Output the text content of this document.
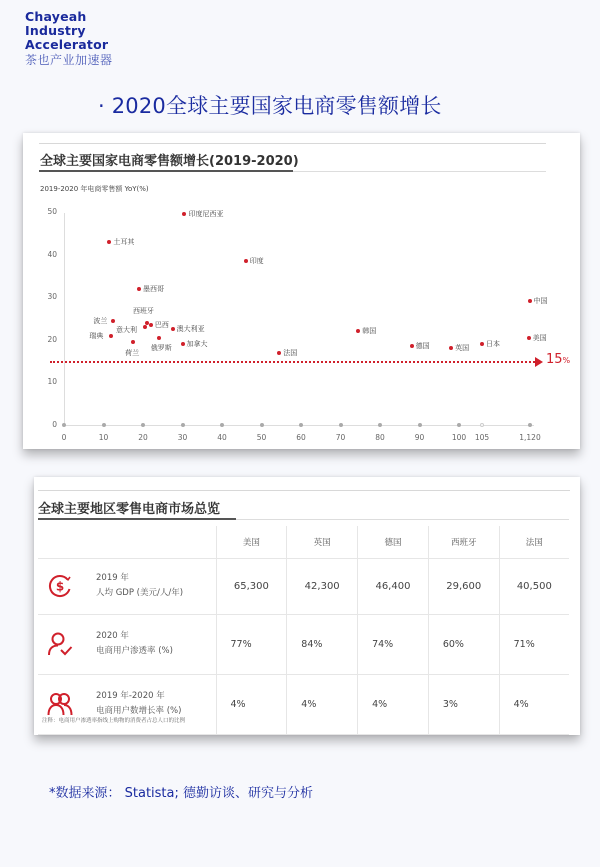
Chayeah
Industry
Accelerator
茶也产业加速器
· 2020全球主要国家电商零售额增长
全球主要国家电商零售额增长(2019-2020)
2019-2020 年电商零售额 YoY(%)
15%
0
10
20
30
40
50
0	10	20	30	40	50	60	70	80	90	100 105	1,120
印度尼西亚
土耳其
印度
墨西哥
中国
波兰
西班牙
意大利
巴西
澳大利亚	韩国
瑞典
俄罗斯
美国
荷兰
加拿大	日本
德国	英国
法国
全球主要地区零售电商市场总览
	美国	英国	德国	西班牙	法国

$
2019 年
人均 GDP (美元/人/年)	65,300	42,300	46,400	29,600	40,500

2020 年
电商用户渗透率 (%)	77%	84%	74%	60%	71%

2019 年-2020 年
电商用户数增长率 (%)	4%	4%	4%	3%	4%
注释：电商用户渗透率指线上购物的消费者占总人口的比例
*数据来源： Statista; 德勤访谈、研究与分析
